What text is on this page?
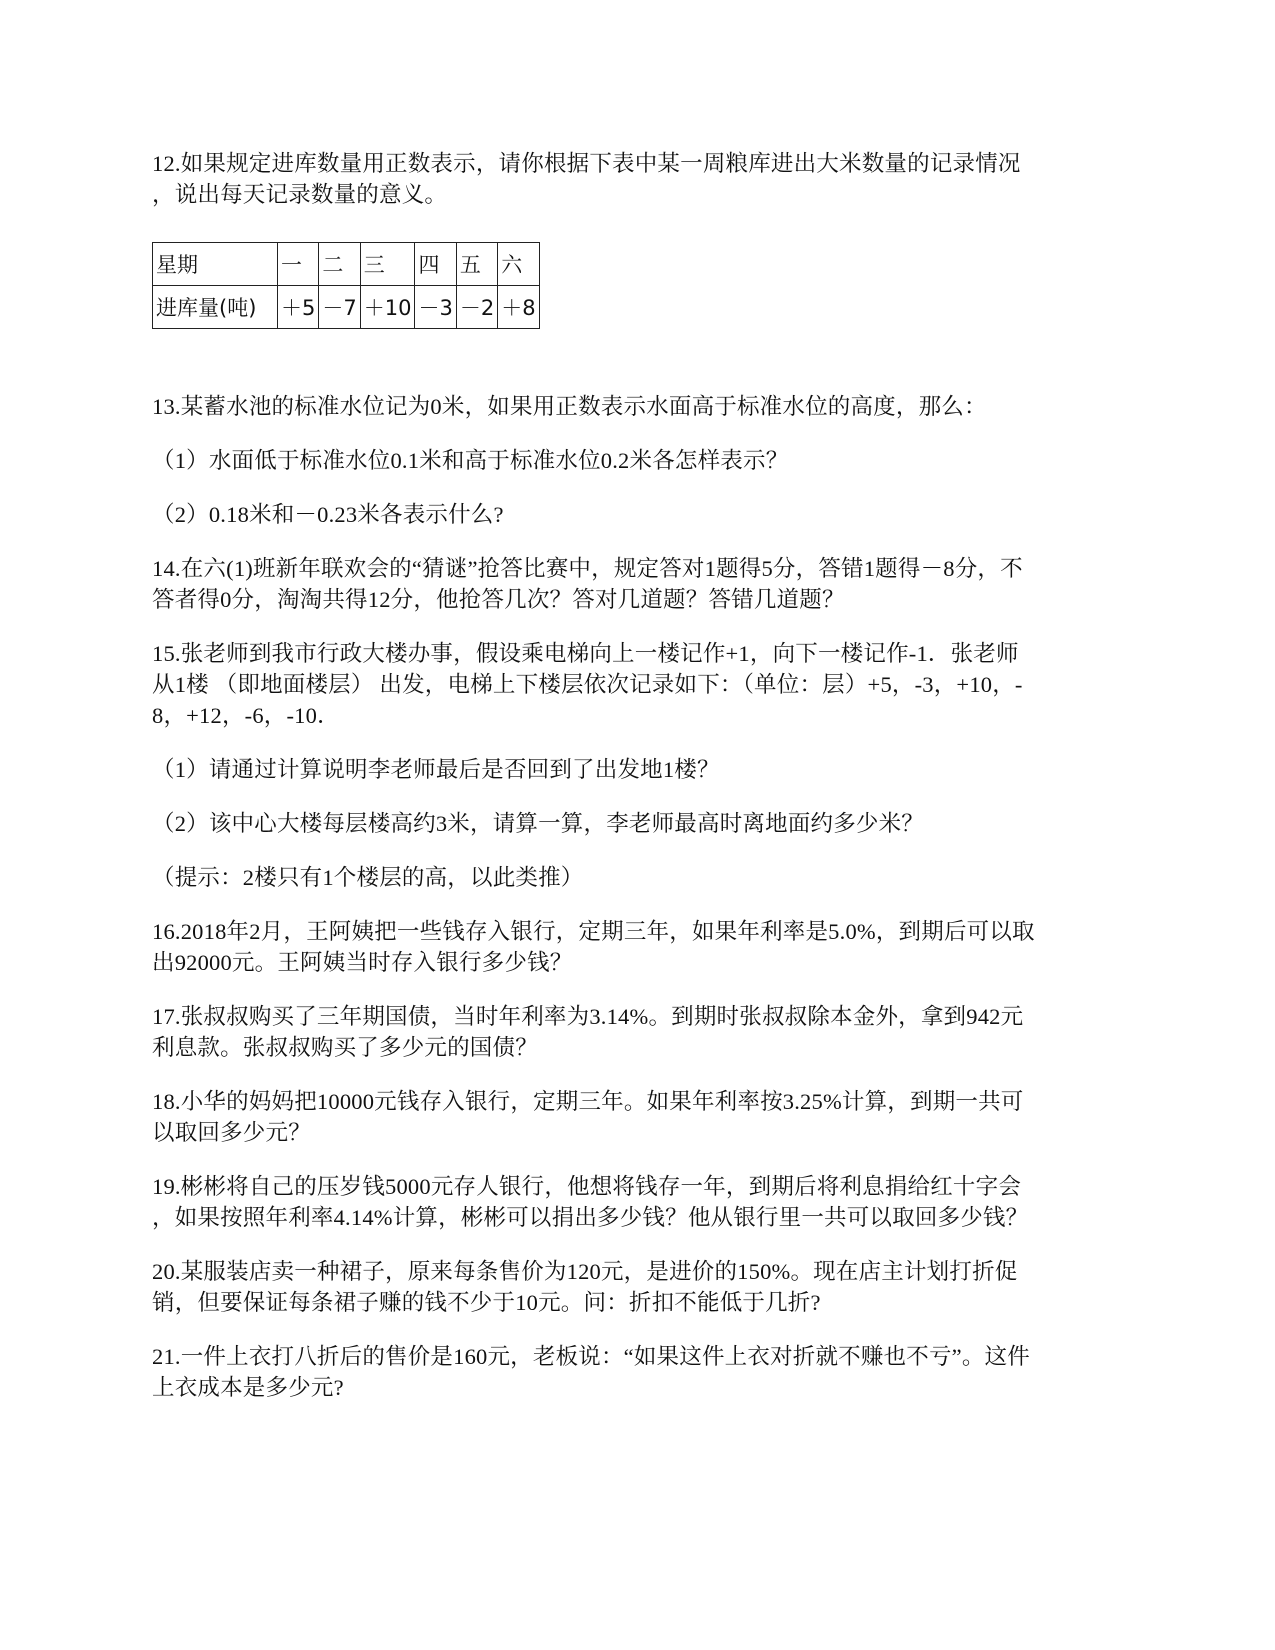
12.如果规定进库数量用正数表示，请你根据下表中某一周粮库进出大米数量的记录情况
，说出每天记录数量的意义。
星期	一	二	三	四	五	六
进库量(吨)	＋5	－7	＋10	－3	－2	＋8
13.某蓄水池的标准水位记为0米，如果用正数表示水面高于标准水位的高度，那么：
（1）水面低于标准水位0.1米和高于标准水位0.2米各怎样表示？
（2）0.18米和－0.23米各表示什么?
14.在六(1)班新年联欢会的“猜谜”抢答比赛中，规定答对1题得5分，答错1题得－8分，不
答者得0分，淘淘共得12分，他抢答几次？答对几道题？答错几道题？
15.张老师到我市行政大楼办事，假设乘电梯向上一楼记作+1，向下一楼记作-1．张老师
从1楼 （即地面楼层） 出发，电梯上下楼层依次记录如下：（单位：层）+5，-3，+10，-
8，+12，-6，-10．
（1）请通过计算说明李老师最后是否回到了出发地1楼？
（2）该中心大楼每层楼高约3米，请算一算，李老师最高时离地面约多少米？
（提示：2楼只有1个楼层的高，以此类推）
16.2018年2月，王阿姨把一些钱存入银行，定期三年，如果年利率是5.0%，到期后可以取
出92000元。王阿姨当时存入银行多少钱？
17.张叔叔购买了三年期国债，当时年利率为3.14%。到期时张叔叔除本金外，拿到942元
利息款。张叔叔购买了多少元的国债？
18.小华的妈妈把10000元钱存入银行，定期三年。如果年利率按3.25%计算，到期一共可
以取回多少元？
19.彬彬将自己的压岁钱5000元存人银行，他想将钱存一年，到期后将利息捐给红十字会
，如果按照年利率4.14%计算，彬彬可以捐出多少钱？他从银行里一共可以取回多少钱？
20.某服装店卖一种裙子，原来每条售价为120元，是进价的150%。现在店主计划打折促
销，但要保证每条裙子赚的钱不少于10元。问：折扣不能低于几折?
21.一件上衣打八折后的售价是160元，老板说：“如果这件上衣对折就不赚也不亏”。这件
上衣成本是多少元?
